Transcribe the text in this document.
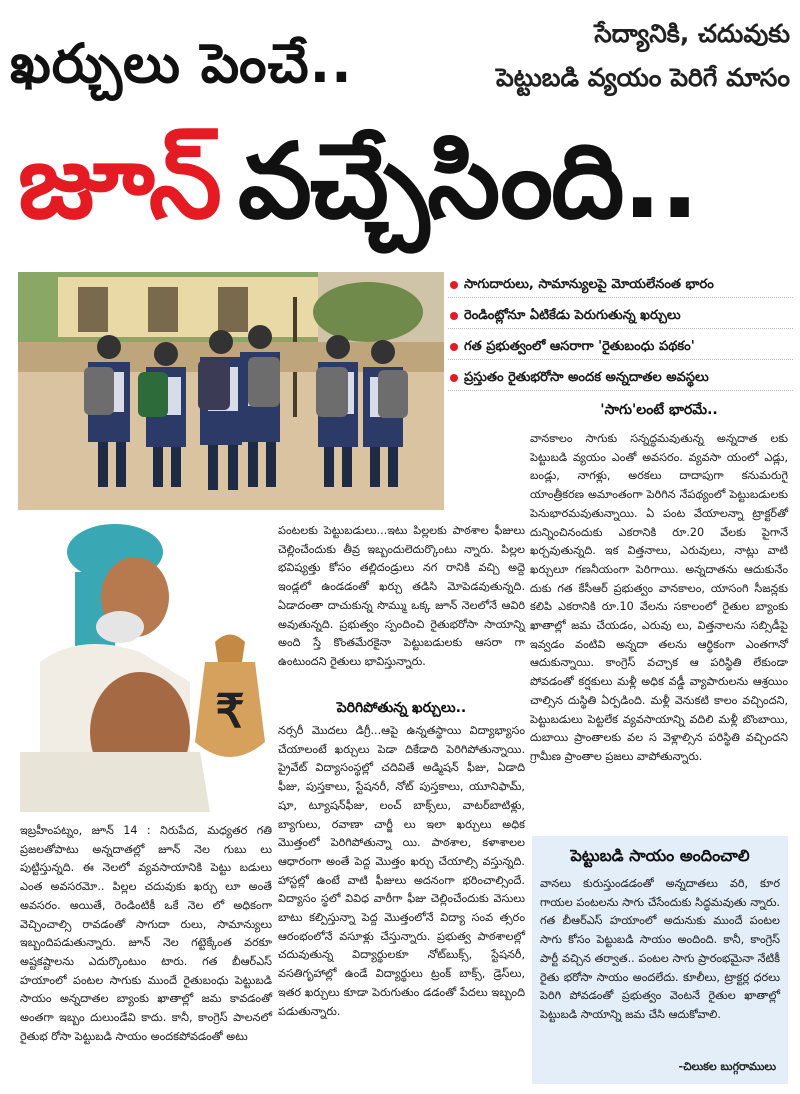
ఖర్చులు పెంచే..	సేద్యానికి, చదువుకు
పెట్టుబడి వ్యయం పెరిగే మాసం
జూన్ వచ్చేసింది..
సాగుదారులు, సామాన్యులపై మోయలేనంత భారం
రెండింట్లోనూ ఏటికేడు పెరుగుతున్న ఖర్చులు
గత ప్రభుత్వంలో ఆసరాగా 'రైతుబంధు పథకం'
ప్రస్తుతం రైతుభరోసా అందక అన్నదాతల అవస్థలు
'సాగు'లంటే భారమే..

వానకాలం సాగుకు సన్నద్ధమవుతున్న అన్నదాత లకు పెట్టుబడి వ్యయం ఎంతో అవసరం. వ్యవసా యంలో ఎడ్లు, బండ్లు, నాగళ్లు, అరకలు దాదాపుగా కనుమరుగై యాంత్రీకరణ అమాంతంగా పెరిగిన నేపథ్యంలో పెట్టుబడులకు పెనుభారమవుతున్నాయి. ఏ పంట వేయాలన్నా ట్రాక్టర్‌తో దున్నించినందుకు ఎకరానికి రూ.20 వేలకు పైగానే ఖర్చవుతున్నది. ఇక విత్తనాలు, ఎరువులు, నాట్లు వాటి ఖర్చులూ గణనీయంగా పెరిగాయి. అన్నదాతను ఆదుకునేం దుకు గత కేసీఆర్‌ ప్రభుత్వం వానకాలం, యాసంగి సీజన్లకు కలిపి ఎకరానికి రూ.10 వేలను సకాలంలో రైతుల బ్యాంకు ఖాతాల్లో జమ చేయడం, ఎరువు లు, విత్తనాలను సబ్సిడీపై ఇవ్వడం వంటివి అన్నదా తలను ఆర్థికంగా ఎంతగానో ఆదుకున్నాయి. కాంగ్రెస్‌ వచ్చాక ఆ పరిస్థితి లేకుండా పోవడంతో కర్షకులు మళ్లీ అధిక వడ్డీ వ్యాపారులను ఆశ్రయిం చాల్సిన దుస్థితి ఏర్పడింది. మళ్లీ వెనుకటి కాలం వచ్చిందని, పెట్టుబడులు పెట్టలేక వ్యవసాయాన్ని వదిలి మళ్లీ బొంబాయి, దుబాయి ప్రాంతాలకు వల స వెళ్లాల్సిన పరిస్థితి వచ్చిందని గ్రామీణ ప్రాంతాల ప్రజలు వాపోతున్నారు.

₹

పంటలకు పెట్టుబడులు...ఇటు పిల్లలకు పాఠశాల ఫీజులు చెల్లించేందుకు తీవ్ర ఇబ్బందులెదుర్కొంటు న్నారు. పిల్లల భవిష్యత్తు కోసం తల్లిదండ్రులు నగ రానికి వచ్చి అద్దె ఇండ్లలో ఉండడంతో ఖర్చు తడిసి మోపెడవుతున్నది. ఏడాదంతా దాచుకున్న సొమ్ము ఒక్క జూన్‌ నెలలోనే ఆవిరి అవుతున్నది. ప్రభుత్వం స్పందించి రైతుభరోసా సాయాన్ని అంది స్తే కొంతమేరకైనా పెట్టుబడులకు ఆసరా గా ఉంటుందని రైతులు భావిస్తున్నారు.

పెరిగిపోతున్న ఖర్చులు..

నర్సరీ మొదలు డిగ్రీ...ఆపై ఉన్నతస్థాయి విద్యాభ్యాసం చేయాలంటే ఖర్చులు పెడా దికేడాది పెరిగిపోతున్నాయి. ప్రైవేట్‌ విద్యాసంస్థల్లో చదివితే అడ్మిషన్‌ ఫీజు, ఏడాది ఫీజు, పుస్తకాలు, స్టేషనరీ, నోట్‌ పుస్తకాలు, యూనిఫామ్‌, షూ, ట్యూషన్‌ఫీజు, లంచ్‌ బాక్స్‌లు, వాటర్‌బాటిళ్లు, బ్యాగులు, రవాణా చార్జీ లు ఇలా ఖర్చులు అధిక మొత్తంలో పెరిగిపోతున్నా యి. పాఠశాల, కళాశాలల ఆధారంగా అంతే పెద్ద మొత్తం ఖర్చు చేయాల్సి వస్తున్నది. హాస్టల్లో ఉంటే వాటి ఫీజులు అదనంగా భరించాల్సిందే. విద్యాసం స్థలో వివిధ వారీగా ఫీజు చెల్లించేందుకు వెసులు బాటు కల్పిస్తున్నా పెద్ద మొత్తంలోనే విద్యా సంవ త్సరం ఆరంభంలోనే వసూళ్లు చేస్తున్నారు. ప్రభుత్వ పాఠశాలల్లో చదువుతున్న విద్యార్థులకూ నోట్‌బుక్స్‌, స్టేషనరీ, వసతిగృహాల్లో ఉండే విద్యార్థులు ట్రంక్‌ బాక్స్‌, డ్రెస్‌లు, ఇతర ఖర్చులు కూడా పెరుగుతుం డడంతో పేదలు ఇబ్బంది పడుతున్నారు.

ఇబ్రహీంపట్నం, జూన్‌ 14 : నిరుపేద, మధ్యతర గతి ప్రజలతోపాటు అన్నదాతల్లో జూన్‌ నెల గుబు లు పుట్టిస్తున్నది. ఈ నెలలో వ్యవసాయానికి పెట్టు బడులు ఎంత అవసరమో.. పిల్లల చదువుకు ఖర్చు లూ అంతే అవసరం. అయితే, రెండింటికీ ఒకే నెల లో అధికంగా వెచ్చించాల్సి రావడంతో సాగుదా రులు, సామాన్యులు ఇబ్బందిపడుతున్నారు. జూన్‌ నెల గట్టెక్కేంత వరకూ అష్టకష్టాలను ఎదుర్కొంటుం టారు. గత బీఆర్‌ఎస్‌ హయాంలో పంటల సాగుకు ముందే రైతుబంధు పెట్టుబడి సాయం అన్నదాతల బ్యాంకు ఖాతాల్లో జమ కావడంతో అంతగా ఇబ్బం దులుండేవి కాదు. కానీ, కాంగ్రెస్‌ పాలనలో రైతుభ రోసా పెట్టుబడి సాయం అందకపోవడంతో అటు

పెట్టుబడి సాయం అందించాలి
-చిలుకల బుగ్గరాములు

వానలు కురుస్తుండడంతో అన్నదాతలు వరి, కూర గాయల పంటలను సాగు చేసేందుకు సిద్ధమవుతు న్నారు. గత బీఆర్‌ఎస్‌ హయాంలో అదునుకు ముందే పంటల సాగు కోసం పెట్టుబడి సాయం అందింది. కానీ, కాంగ్రెస్‌ పార్టీ వచ్చిన తర్వాత.. పంటల సాగు ప్రారంభమైనా నేటికీ రైతు భరోసా సాయం అందలేదు. కూలీలు, ట్రాక్టర్ల ధరలు పెరిగి పోవడంతో ప్రభుత్వం వెంటనే రైతుల ఖాతాల్లో పెట్టుబడి సాయాన్ని జమ చేసి ఆదుకోవాలి.
